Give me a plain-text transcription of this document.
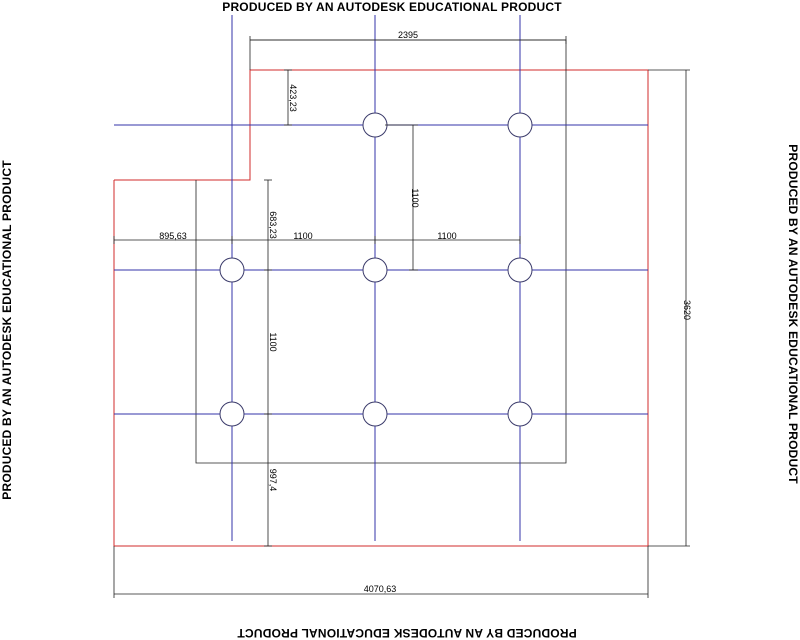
PRODUCED BY AN AUTODESK EDUCATIONAL PRODUCT
PRODUCED BY AN AUTODESK EDUCATIONAL PRODUCT
PRODUCED BY AN AUTODESK EDUCATIONAL PRODUCT	PRODUCED BY AN AUTODESK EDUCATIONAL PRODUCT
2395
423,23
1100
683,23
895,63	1100	1100
1100
997,4
3620
4070,63
